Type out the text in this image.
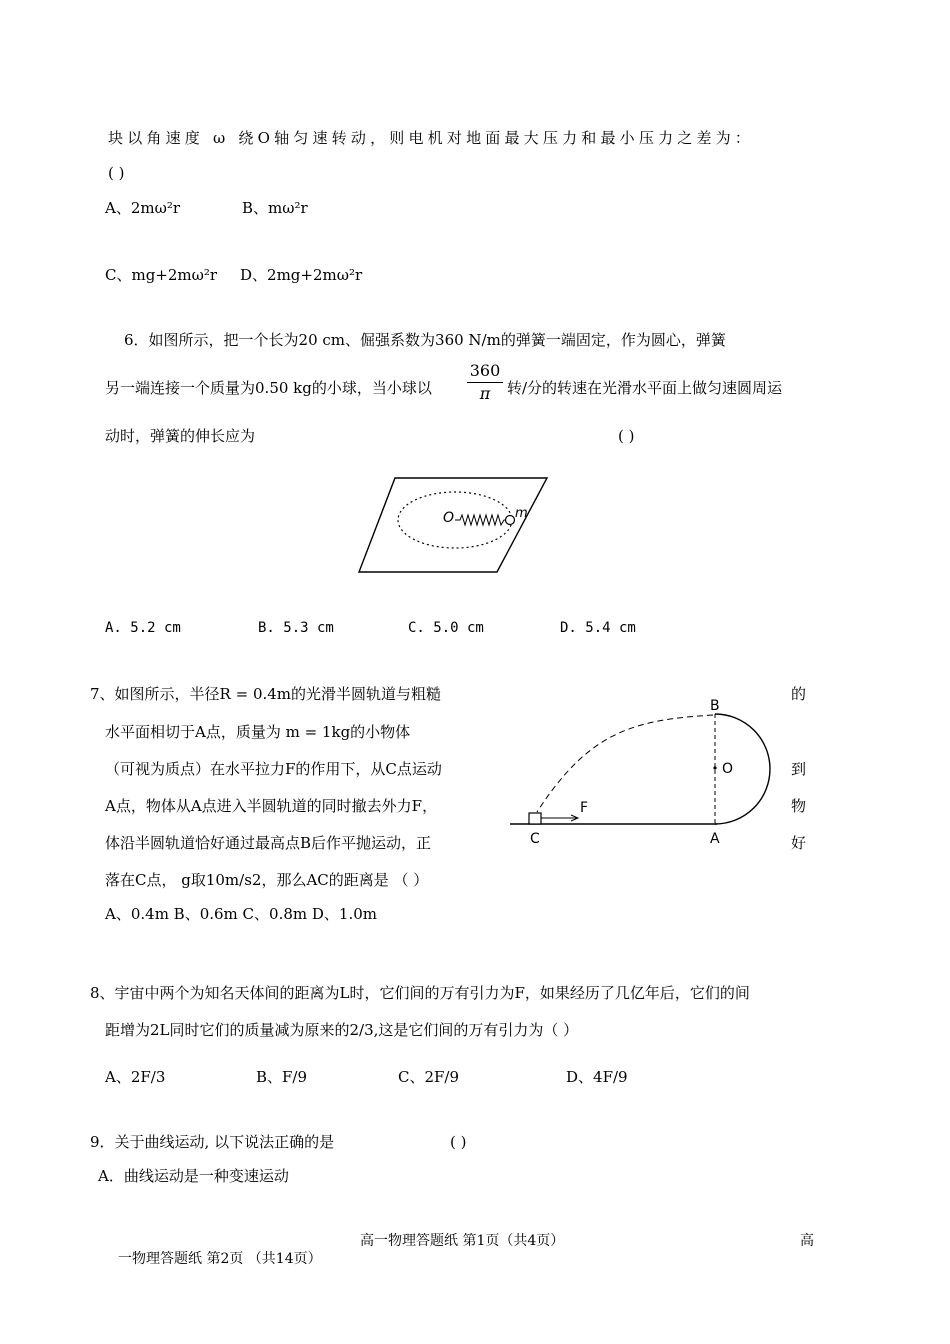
块以角速度 ω 绕O轴匀速转动，则电机对地面最大压力和最小压力之差为：
( )
A、2mω²r	B、mω²r
C、mg+2mω²r D、2mg+2mω²r
6．如图所示，把一个长为20 cm、倔强系数为360 N/m的弹簧一端固定，作为圆心，弹簧
另一端连接一个质量为0.50 kg的小球，当小球以
360
π	转/分的转速在光滑水平面上做匀速圆周运
动时，弹簧的伸长应为	( )
O	m
A. 5.2 cm	B. 5.3 cm	C. 5.0 cm	D. 5.4 cm
7、如图所示，半径R = 0.4m的光滑半圆轨道与粗糙
水平面相切于A点，质量为 m = 1kg的小物体
（可视为质点）在水平拉力F的作用下，从C点运动
A点，物体从A点进入半圆轨道的同时撤去外力F，
体沿半圆轨道恰好通过最高点B后作平抛运动，正
落在C点， g取10m/s2，那么AC的距离是 （ ）
A、0.4m B、0.6m C、0.8m D、1.0m
的
到
物
好
B
O
F
C	A
8、宇宙中两个为知名天体间的距离为L时，它们间的万有引力为F，如果经历了几亿年后，它们的间
距增为2L同时它们的质量减为原来的2/3,这是它们间的万有引力为（ ）
A、2F/3	B、F/9	C、2F/9	D、4F/9
9．关于曲线运动, 以下说法正确的是	( )
A．曲线运动是一种变速运动
高一物理答题纸 第1页（共4页）	高
一物理答题纸 第2页 （共14页）
